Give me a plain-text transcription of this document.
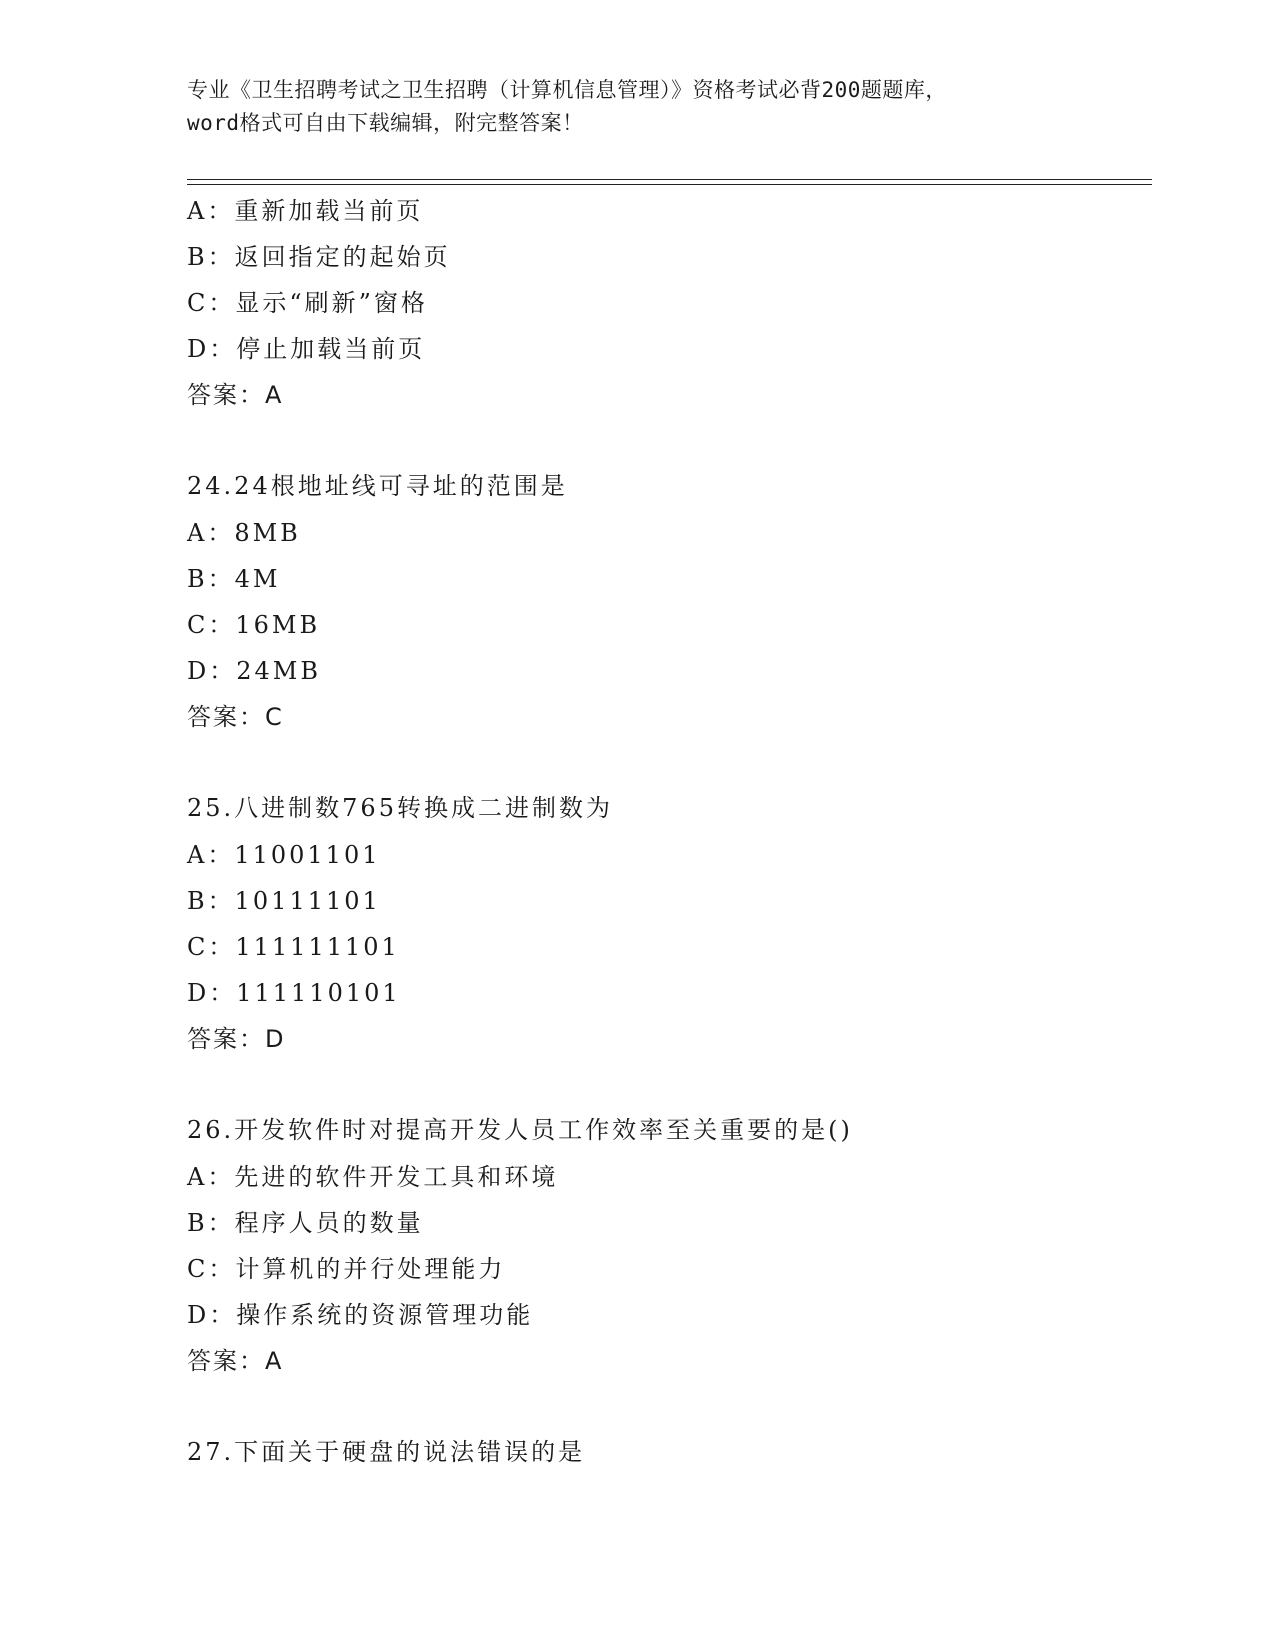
专业《卫生招聘考试之卫生招聘（计算机信息管理）》资格考试必背200题题库，
word格式可自由下载编辑，附完整答案！
A：重新加载当前页
B：返回指定的起始页
C：显示“刷新”窗格
D：停止加载当前页
答案：A
24.24根地址线可寻址的范围是
A：8MB
B：4M
C：16MB
D：24MB
答案：C
25.八进制数765转换成二进制数为
A：11001101
B：10111101
C：111111101
D：111110101
答案：D
26.开发软件时对提高开发人员工作效率至关重要的是()
A：先进的软件开发工具和环境
B：程序人员的数量
C：计算机的并行处理能力
D：操作系统的资源管理功能
答案：A
27.下面关于硬盘的说法错误的是
